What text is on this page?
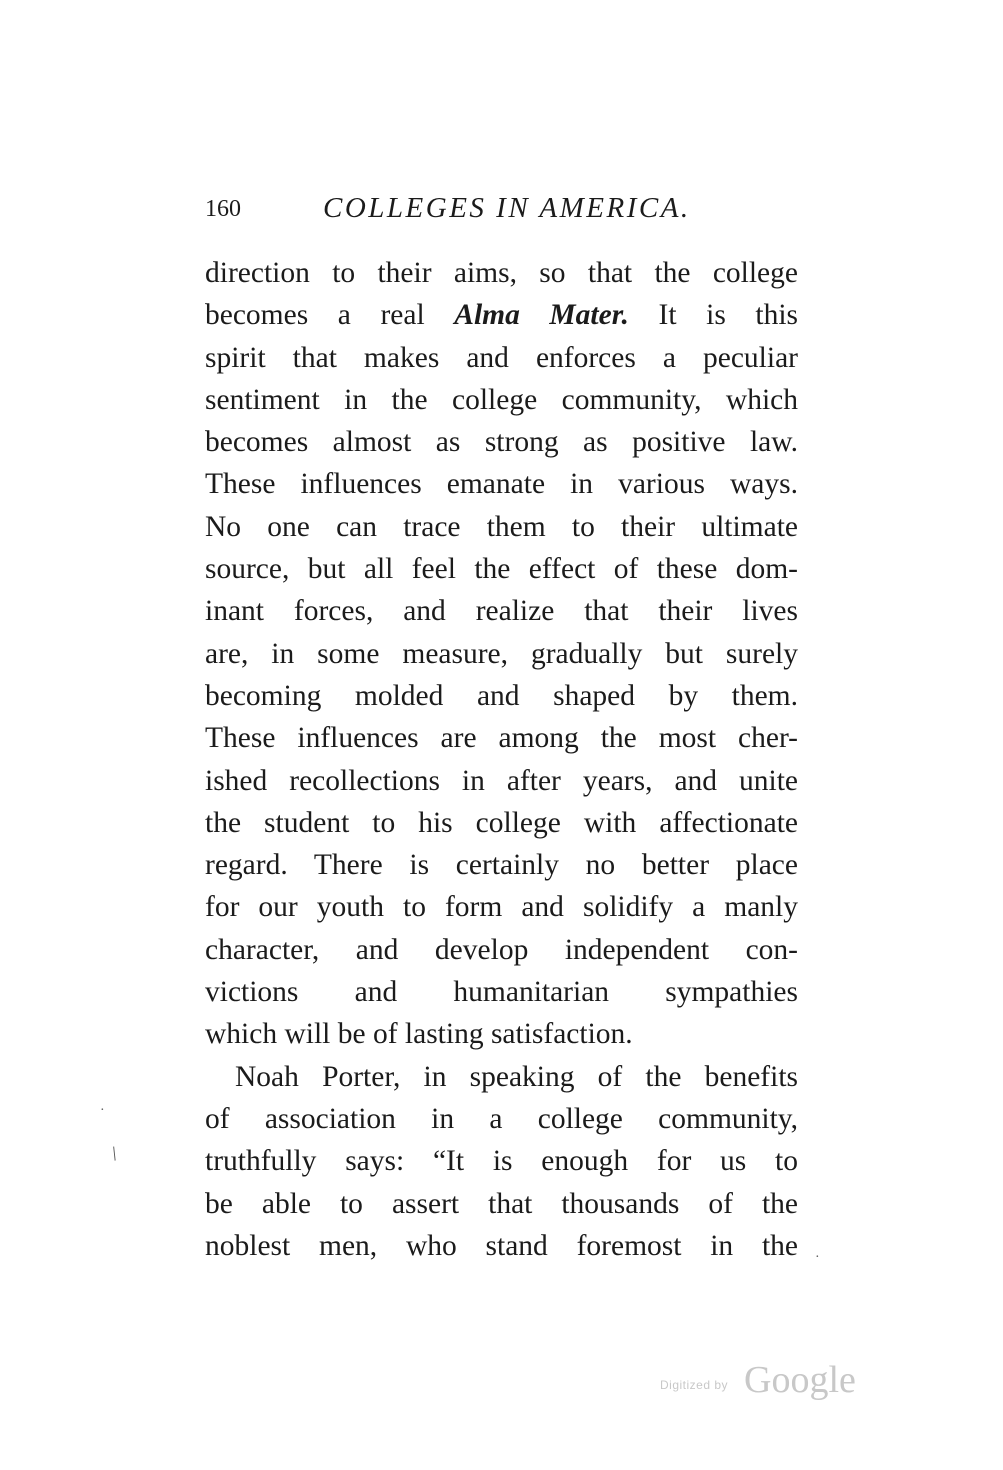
160	COLLEGES IN AMERICA.
direction to their aims, so that the college
becomes a real Alma Mater. It is this
spirit that makes and enforces a peculiar
sentiment in the college community, which
becomes almost as strong as positive law.
These influences emanate in various ways.
No one can trace them to their ultimate
source, but all feel the effect of these dom-
inant forces, and realize that their lives
are, in some measure, gradually but surely
becoming molded and shaped by them.
These influences are among the most cher-
ished recollections in after years, and unite
the student to his college with affectionate
regard. There is certainly no better place
for our youth to form and solidify a manly
character, and develop independent con-
victions and humanitarian sympathies
which will be of lasting satisfaction.
Noah Porter, in speaking of the benefits
of association in a college community,
truthfully says: “It is enough for us to
be able to assert that thousands of the
noblest men, who stand foremost in the
·
/
·
Digitized by Google
